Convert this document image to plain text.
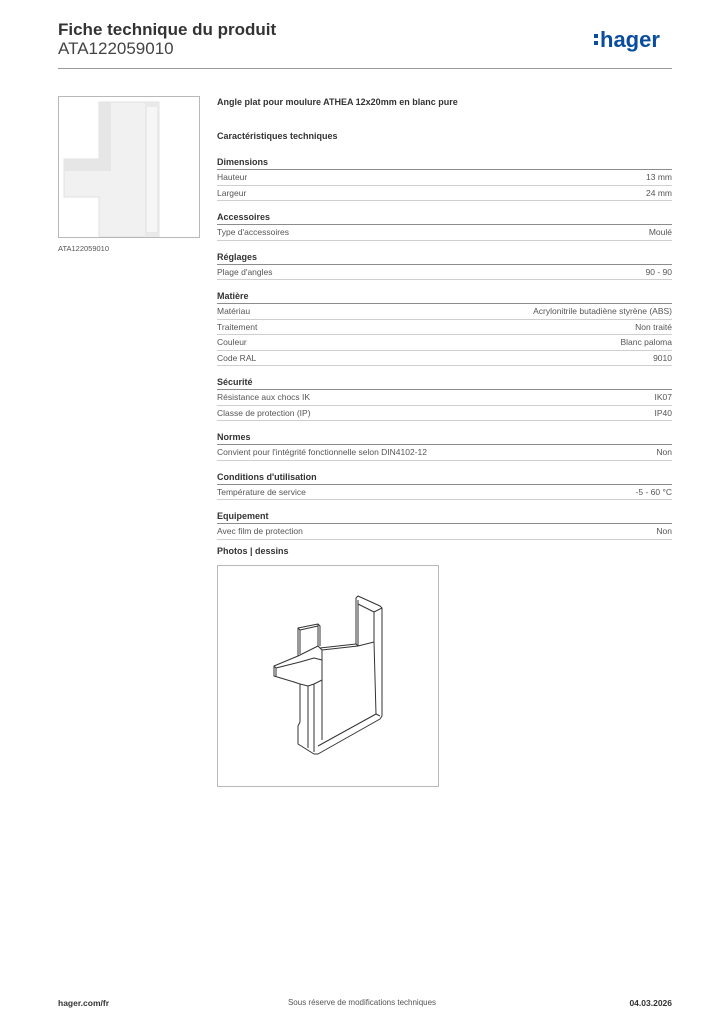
Fiche technique du produit
ATA122059010	hager
ATA122059010
Angle plat pour moulure ATHEA 12x20mm en blanc pure
Caractéristiques techniques
Dimensions
Hauteur	13 mm
Largeur	24 mm
Accessoires
Type d'accessoires	Moulé
Réglages
Plage d'angles	90 - 90
Matière
Matériau	Acrylonitrile butadiène styrène (ABS)
Traitement	Non traité
Couleur	Blanc paloma
Code RAL	9010
Sécurité
Résistance aux chocs IK	IK07
Classe de protection (IP)	IP40
Normes
Convient pour l'intégrité fonctionnelle selon DIN4102-12	Non
Conditions d'utilisation
Température de service	-5 - 60 °C
Equipement
Avec film de protection	Non
Photos | dessins
hager.com/fr	Sous réserve de modifications techniques	04.03.2026
